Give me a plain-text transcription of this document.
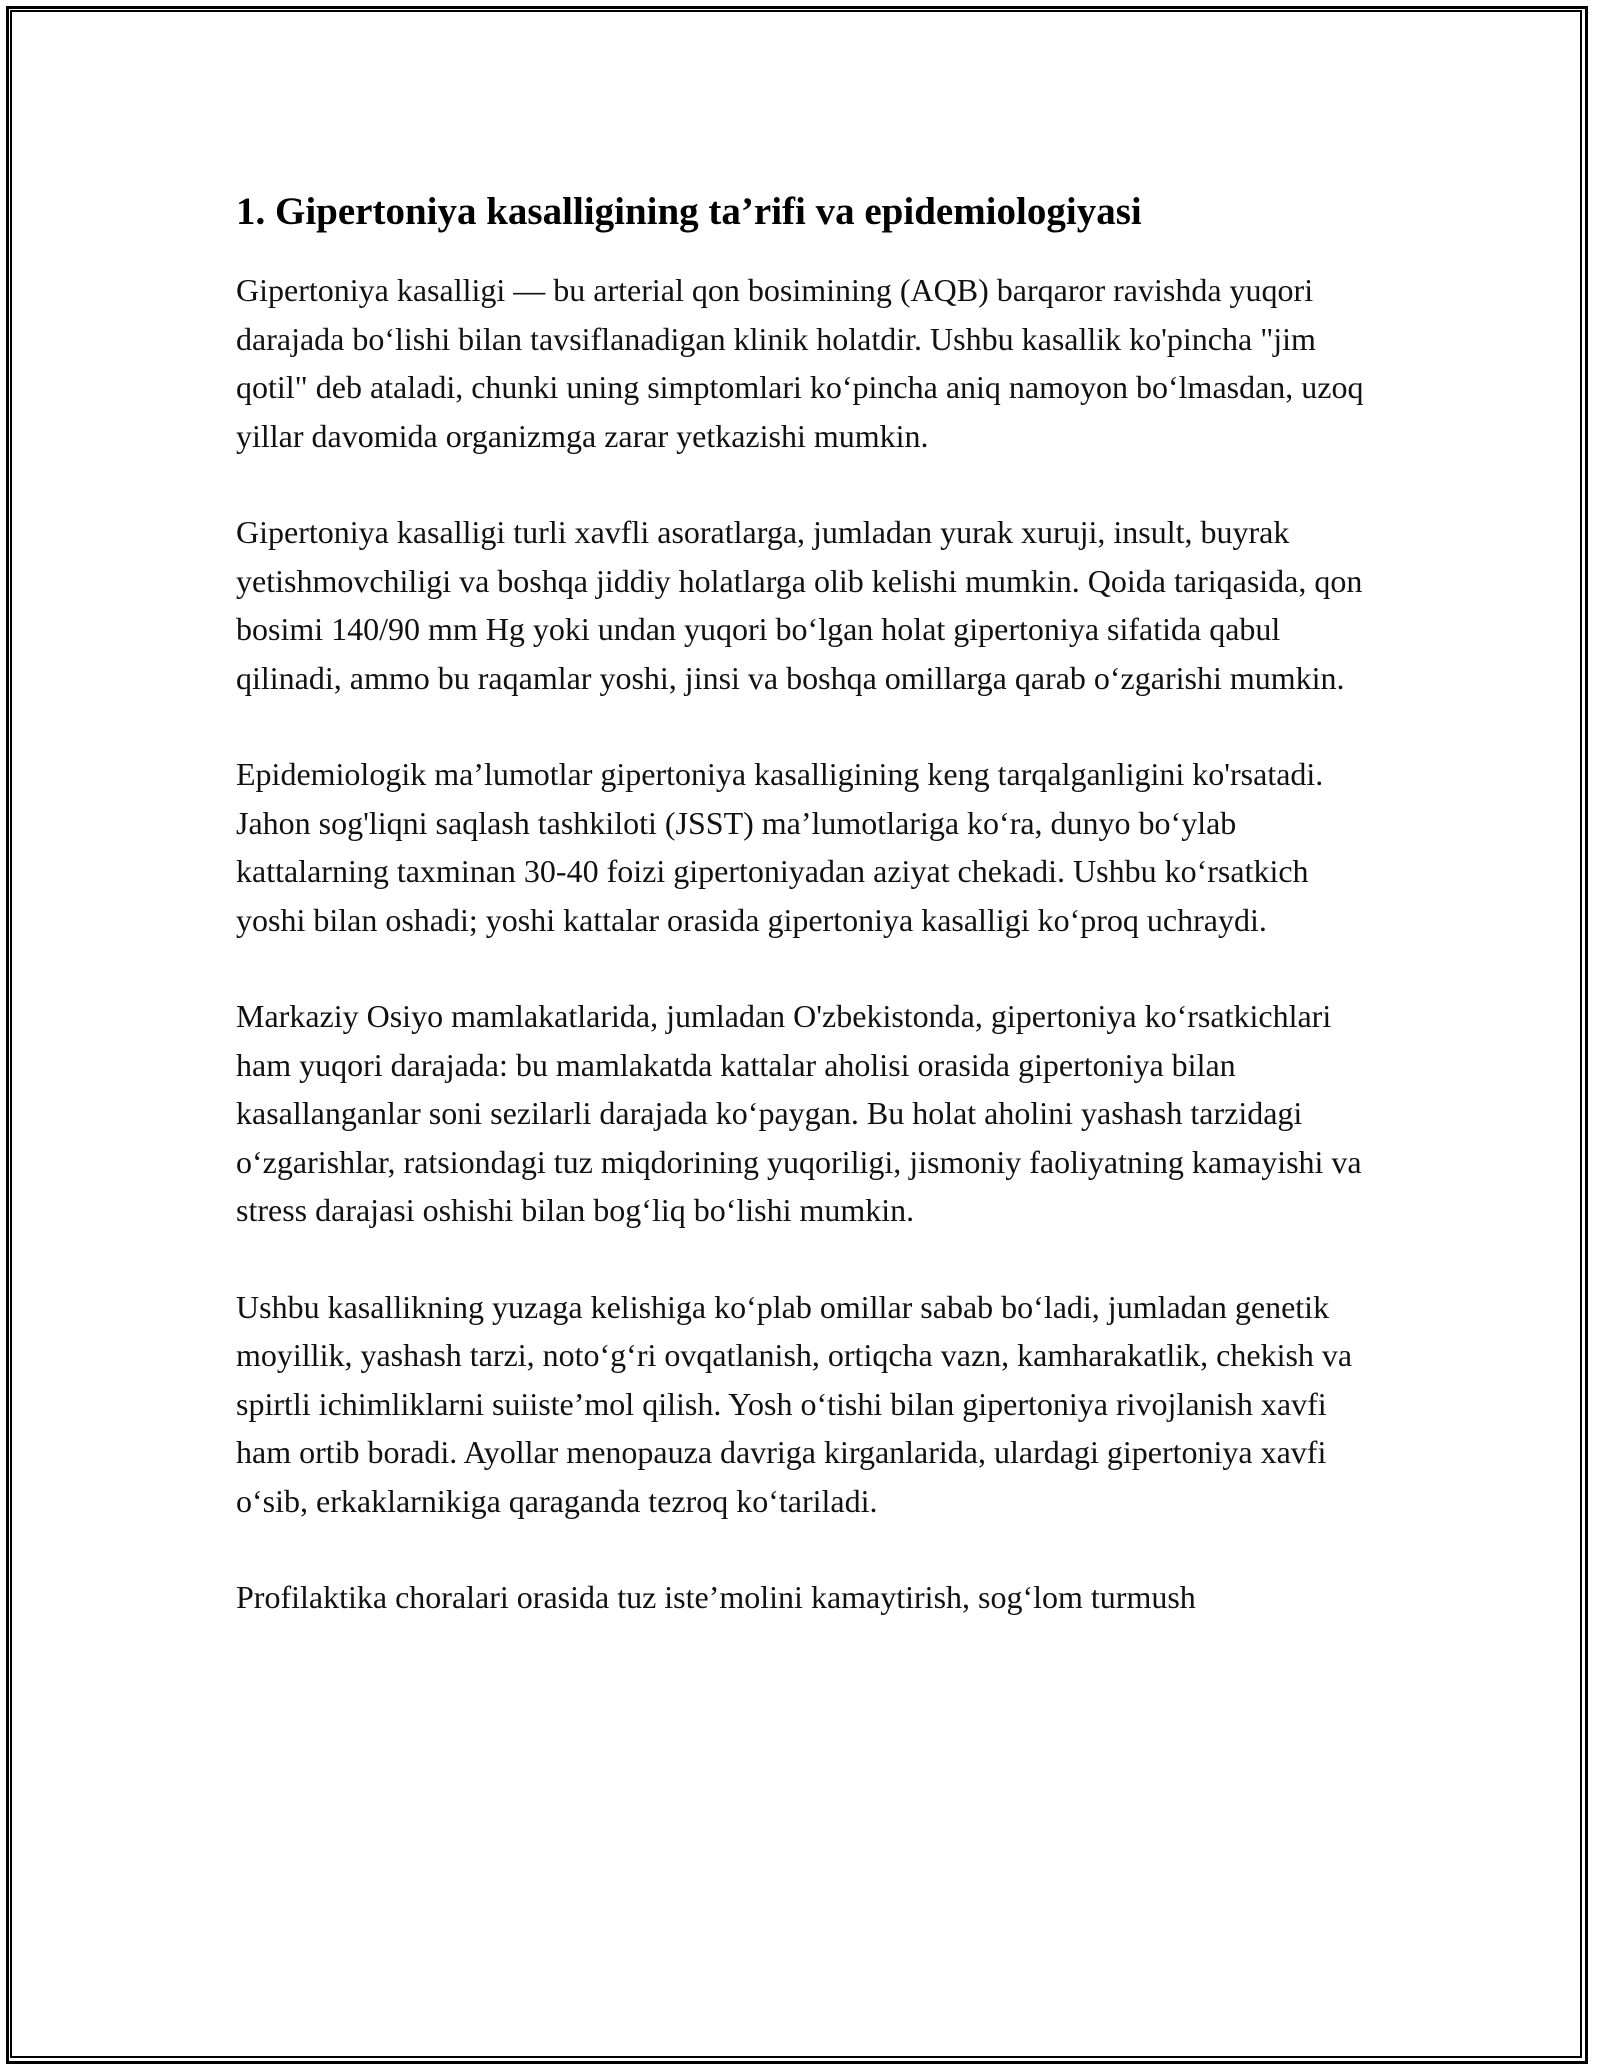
1. Gipertoniya kasalligining ta’rifi va epidemiologiyasi

Gipertoniya kasalligi — bu arterial qon bosimining (AQB) barqaror ravishda yuqori darajada bo‘lishi bilan tavsiflanadigan klinik holatdir. Ushbu kasallik ko'pincha "jim qotil" deb ataladi, chunki uning simptomlari ko‘pincha aniq namoyon bo‘lmasdan, uzoq yillar davomida organizmga zarar yetkazishi mumkin.

Gipertoniya kasalligi turli xavfli asoratlarga, jumladan yurak xuruji, insult, buyrak yetishmovchiligi va boshqa jiddiy holatlarga olib kelishi mumkin. Qoida tariqasida, qon bosimi 140/90 mm Hg yoki undan yuqori bo‘lgan holat gipertoniya sifatida qabul qilinadi, ammo bu raqamlar yoshi, jinsi va boshqa omillarga qarab o‘zgarishi mumkin.

Epidemiologik ma’lumotlar gipertoniya kasalligining keng tarqalganligini ko'rsatadi. Jahon sog'liqni saqlash tashkiloti (JSST) ma’lumotlariga ko‘ra, dunyo bo‘ylab kattalarning taxminan 30-40 foizi gipertoniyadan aziyat chekadi. Ushbu ko‘rsatkich yoshi bilan oshadi; yoshi kattalar orasida gipertoniya kasalligi ko‘proq uchraydi.

Markaziy Osiyo mamlakatlarida, jumladan O'zbekistonda, gipertoniya ko‘rsatkichlari ham yuqori darajada: bu mamlakatda kattalar aholisi orasida gipertoniya bilan kasallanganlar soni sezilarli darajada ko‘paygan. Bu holat aholini yashash tarzidagi o‘zgarishlar, ratsiondagi tuz miqdorining yuqoriligi, jismoniy faoliyatning kamayishi va stress darajasi oshishi bilan bog‘liq bo‘lishi mumkin.

Ushbu kasallikning yuzaga kelishiga ko‘plab omillar sabab bo‘ladi, jumladan genetik moyillik, yashash tarzi, noto‘g‘ri ovqatlanish, ortiqcha vazn, kamharakatlik, chekish va spirtli ichimliklarni suiiste’mol qilish. Yosh o‘tishi bilan gipertoniya rivojlanish xavfi ham ortib boradi. Ayollar menopauza davriga kirganlarida, ulardagi gipertoniya xavfi o‘sib, erkaklarnikiga qaraganda tezroq ko‘tariladi.

Profilaktika choralari orasida tuz iste’molini kamaytirish, sog‘lom turmush
